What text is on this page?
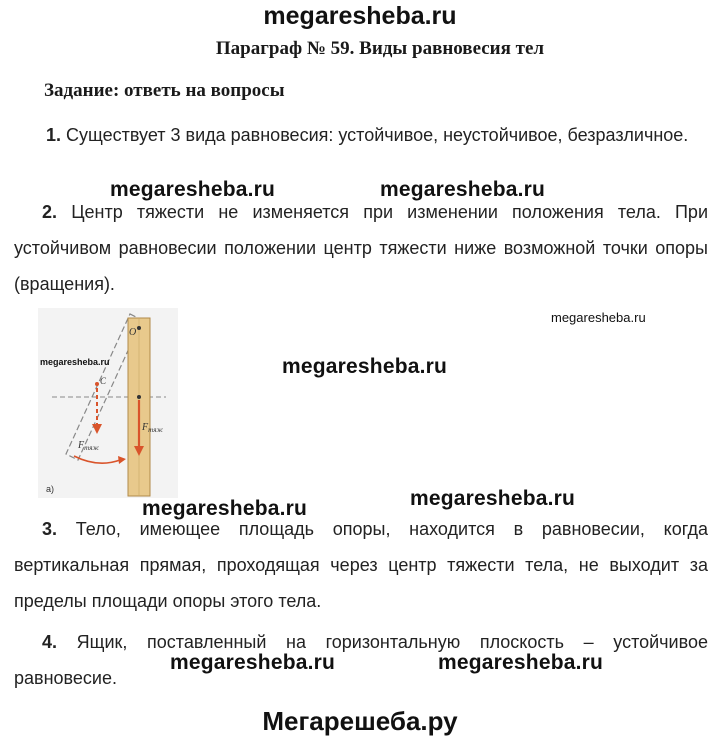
megaresheba.ru
Параграф № 59. Виды равновесия тел
Задание: ответь на вопросы
1. Существует 3 вида равновесия: устойчивое, неустойчивое, безразличное.
megaresheba.ru	megaresheba.ru
2. Центр тяжести не изменяется при изменении положения тела. При устойчивом равновесии положении центр тяжести ниже возможной точки опоры (вращения).
O
$F_{тяж}$
C
$F_{тяж}$
a)
megaresheba.ru
megaresheba.ru
megaresheba.ru
megaresheba.ru	megaresheba.ru
3. Тело, имеющее площадь опоры, находится в равновесии, когда вертикальная прямая, проходящая через центр тяжести тела, не выходит за пределы площади опоры этого тела.
4. Ящик, поставленный на горизонтальную плоскость – устойчивое равновесие.
megaresheba.ru	megaresheba.ru
Мегарешеба.ру
